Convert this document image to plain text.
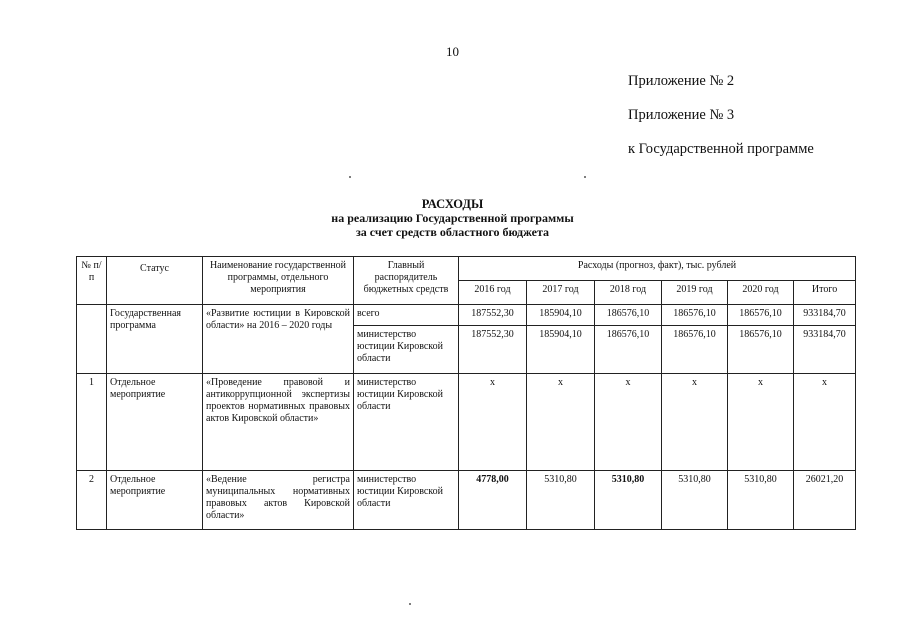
10
Приложение № 2
Приложение № 3
к Государственной программе
РАСХОДЫ
на реализацию Государственной программы
за счет средств областного бюджета
№ п/п	Статус	Наименование государственной программы, отдельного мероприятия	Главный распорядитель бюджетных средств	Расходы (прогноз, факт), тыс. рублей					
				2016 год	2017 год	2018 год	2019 год	2020 год	Итого
	Государственная программа	«Развитие юстиции в Кировской области» на 2016 – 2020 годы	всего	187552,30	185904,10	186576,10	186576,10	186576,10	933184,70
			министерство юстиции Кировской области	187552,30	185904,10	186576,10	186576,10	186576,10	933184,70
1	Отдельное мероприятие	«Проведение правовой и антикоррупционной экспертизы проектов нормативных правовых актов Кировской области»	министерство юстиции Кировской области	х	х	х	х	х	х
2	Отдельное мероприятие	«Ведение регистра муниципальных нормативных правовых актов Кировской области»	министерство юстиции Кировской области	4778,00	5310,80	5310,80	5310,80	5310,80	26021,20
